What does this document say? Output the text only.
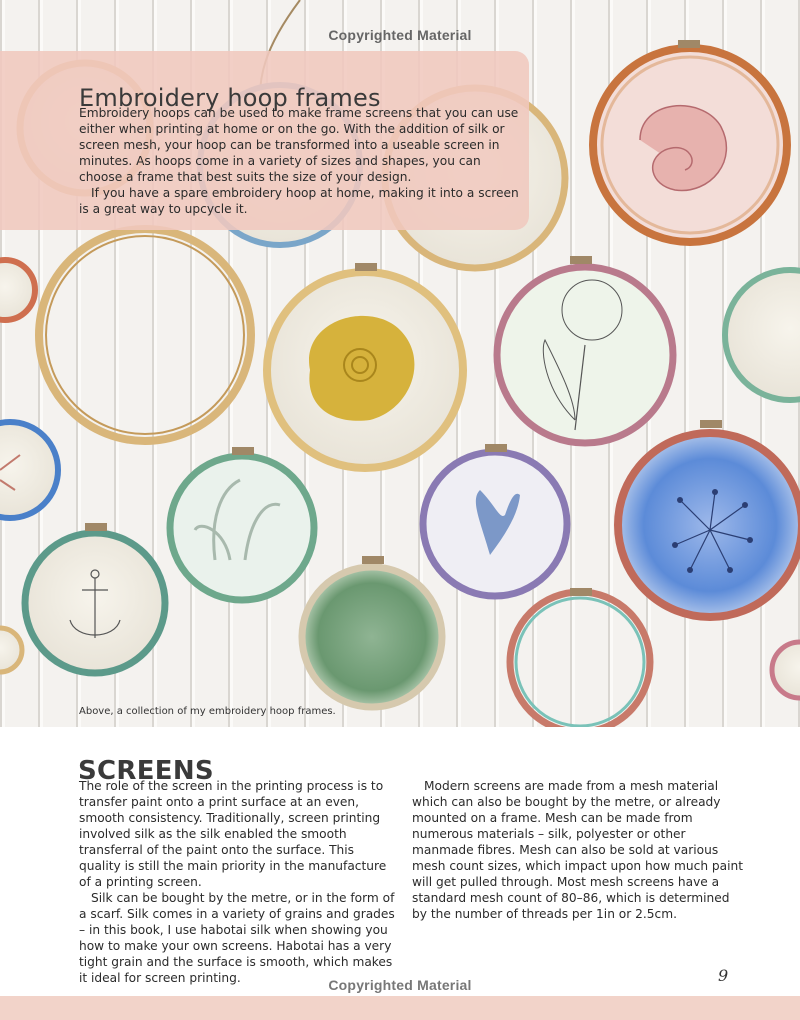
Copyrighted Material
Embroidery hoop frames

Embroidery hoops can be used to make frame screens that you can use either when printing at home or on the go. With the addition of silk or screen mesh, your hoop can be transformed into a useable screen in minutes. As hoops come in a variety of sizes and shapes, you can choose a frame that best suits the size of your design.

If you have a spare embroidery hoop at home, making it into a screen is a great way to upcycle it.

Above, a collection of my embroidery hoop frames.
SCREENS

The role of the screen in the printing process is to transfer paint onto a print surface at an even, smooth consistency. Traditionally, screen printing involved silk as the silk enabled the smooth transferral of the paint onto the surface. This quality is still the main priority in the manufacture of a printing screen.

Silk can be bought by the metre, or in the form of a scarf. Silk comes in a variety of grains and grades – in this book, I use habotai silk when showing you how to make your own screens. Habotai has a very tight grain and the surface is smooth, which makes it ideal for screen printing.

Modern screens are made from a mesh material which can also be bought by the metre, or already mounted on a frame. Mesh can be made from numerous materials – silk, polyester or other manmade fibres. Mesh can also be sold at various mesh count sizes, which impact upon how much paint will get pulled through. Most mesh screens have a standard mesh count of 80–86, which is determined by the number of threads per 1in or 2.5cm.

9
Copyrighted Material
